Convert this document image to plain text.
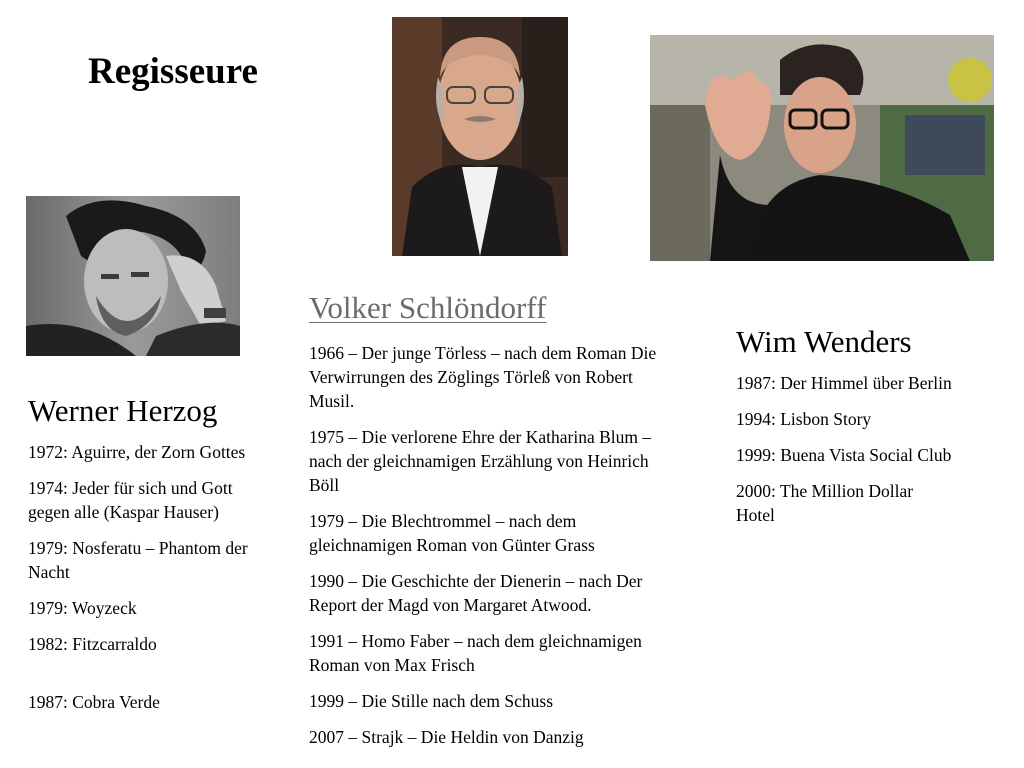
Regisseure
Werner Herzog
1972: Aguirre, der Zorn Gottes
1974: Jeder für sich und Gott gegen alle (Kaspar Hauser)
1979: Nosferatu – Phantom der Nacht
1979: Woyzeck
1982: Fitzcarraldo
1987: Cobra Verde
Volker Schlöndorff
1966 – Der junge Törless – nach dem Roman Die Verwirrungen des Zöglings Törleß von Robert Musil.
1975 – Die verlorene Ehre der Katharina Blum – nach der gleichnamigen Erzählung von Heinrich Böll
1979 – Die Blechtrommel – nach dem gleichnamigen Roman von Günter Grass
1990 – Die Geschichte der Dienerin – nach Der Report der Magd von Margaret Atwood.
1991 – Homo Faber – nach dem gleichnamigen Roman von Max Frisch
1999 – Die Stille nach dem Schuss
2007 – Strajk – Die Heldin von Danzig
Wim Wenders
1987: Der Himmel über Berlin
1994: Lisbon Story
1999: Buena Vista Social Club
2000: The Million Dollar Hotel
